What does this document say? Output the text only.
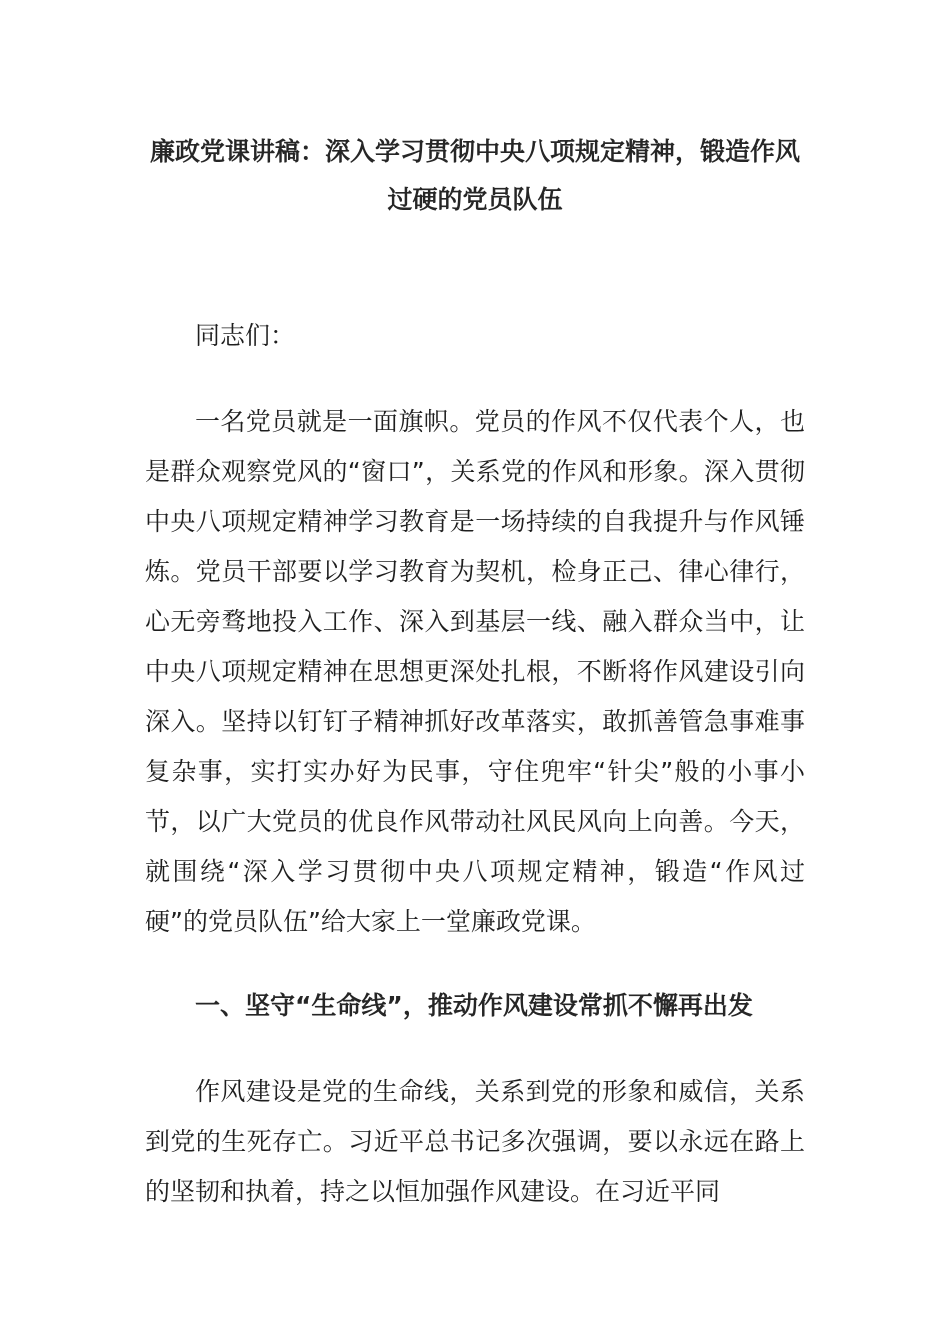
廉政党课讲稿：深入学习贯彻中央八项规定精神，锻造作风过硬的党员队伍

同志们：

一名党员就是一面旗帜。党员的作风不仅代表个人，也是群众观察党风的“窗口”，关系党的作风和形象。深入贯彻中央八项规定精神学习教育是一场持续的自我提升与作风锤炼。党员干部要以学习教育为契机，检身正己、律心律行，心无旁骛地投入工作、深入到基层一线、融入群众当中，让中央八项规定精神在思想更深处扎根，不断将作风建设引向深入。坚持以钉钉子精神抓好改革落实，敢抓善管急事难事复杂事，实打实办好为民事，守住兜牢“针尖”般的小事小节，以广大党员的优良作风带动社风民风向上向善。今天，就围绕“深入学习贯彻中央八项规定精神，锻造“作风过硬”的党员队伍”给大家上一堂廉政党课。

一、坚守“生命线”，推动作风建设常抓不懈再出发

作风建设是党的生命线，关系到党的形象和威信，关系到党的生死存亡。习近平总书记多次强调，要以永远在路上的坚韧和执着，持之以恒加强作风建设。在习近平同
